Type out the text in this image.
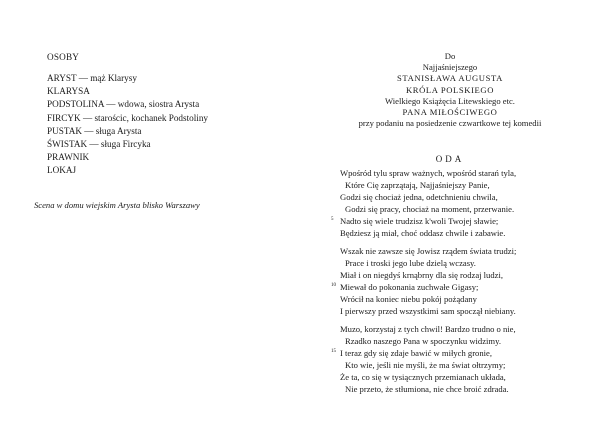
OSOBY
ARYST — mąż Klarysy
KLARYSA
PODSTOLINA — wdowa, siostra Arysta
FIRCYK — starościc, kochanek Podstoliny
PUSTAK — sługa Arysta
ŚWISTAK — sługa Fircyka
PRAWNIK
LOKAJ
Scena w domu wiejskim Arysta blisko Warszawy
Do
Najjaśniejszego
STANISŁAWA AUGUSTA
KRÓLA POLSKIEGO
Wielkiego Książęcia Litewskiego etc.
PANA MIŁOŚCIWEGO
przy podaniu na posiedzenie czwartkowe tej komedii
ODA
Wpośród tylu spraw ważnych, wpośród starań tyla,
Które Cię zaprzątają, Najjaśniejszy Panie,
Godzi się chociaż jedna, odetchnieniu chwila,
Godzi się pracy, chociaż na moment, przerwanie.
5 Nadto się wiele trudzisz k'woli Twojej sławie;
Będziesz ją miał, choć oddasz chwile i zabawie.
Wszak nie zawsze się Jowisz rządem świata trudzi;
Prace i troski jego lube dzielą wczasy.
Miał i on niegdyś krnąbrny dla się rodzaj ludzi,
10 Miewał do pokonania zuchwałe Gigasy;
Wrócił na koniec niebu pokój pożądany
I pierwszy przed wszystkimi sam spoczął niebiany.
Muzo, korzystaj z tych chwil! Bardzo trudno o nie,
Rzadko naszego Pana w spoczynku widzimy.
15 I teraz gdy się zdaje bawić w miłych gronie,
Kto wie, jeśli nie myśli, że ma świat ołtrzymy;
Że ta, co się w tysiącznych przemianach układa,
Nie przeto, że stłumiona, nie chce broić zdrada.
